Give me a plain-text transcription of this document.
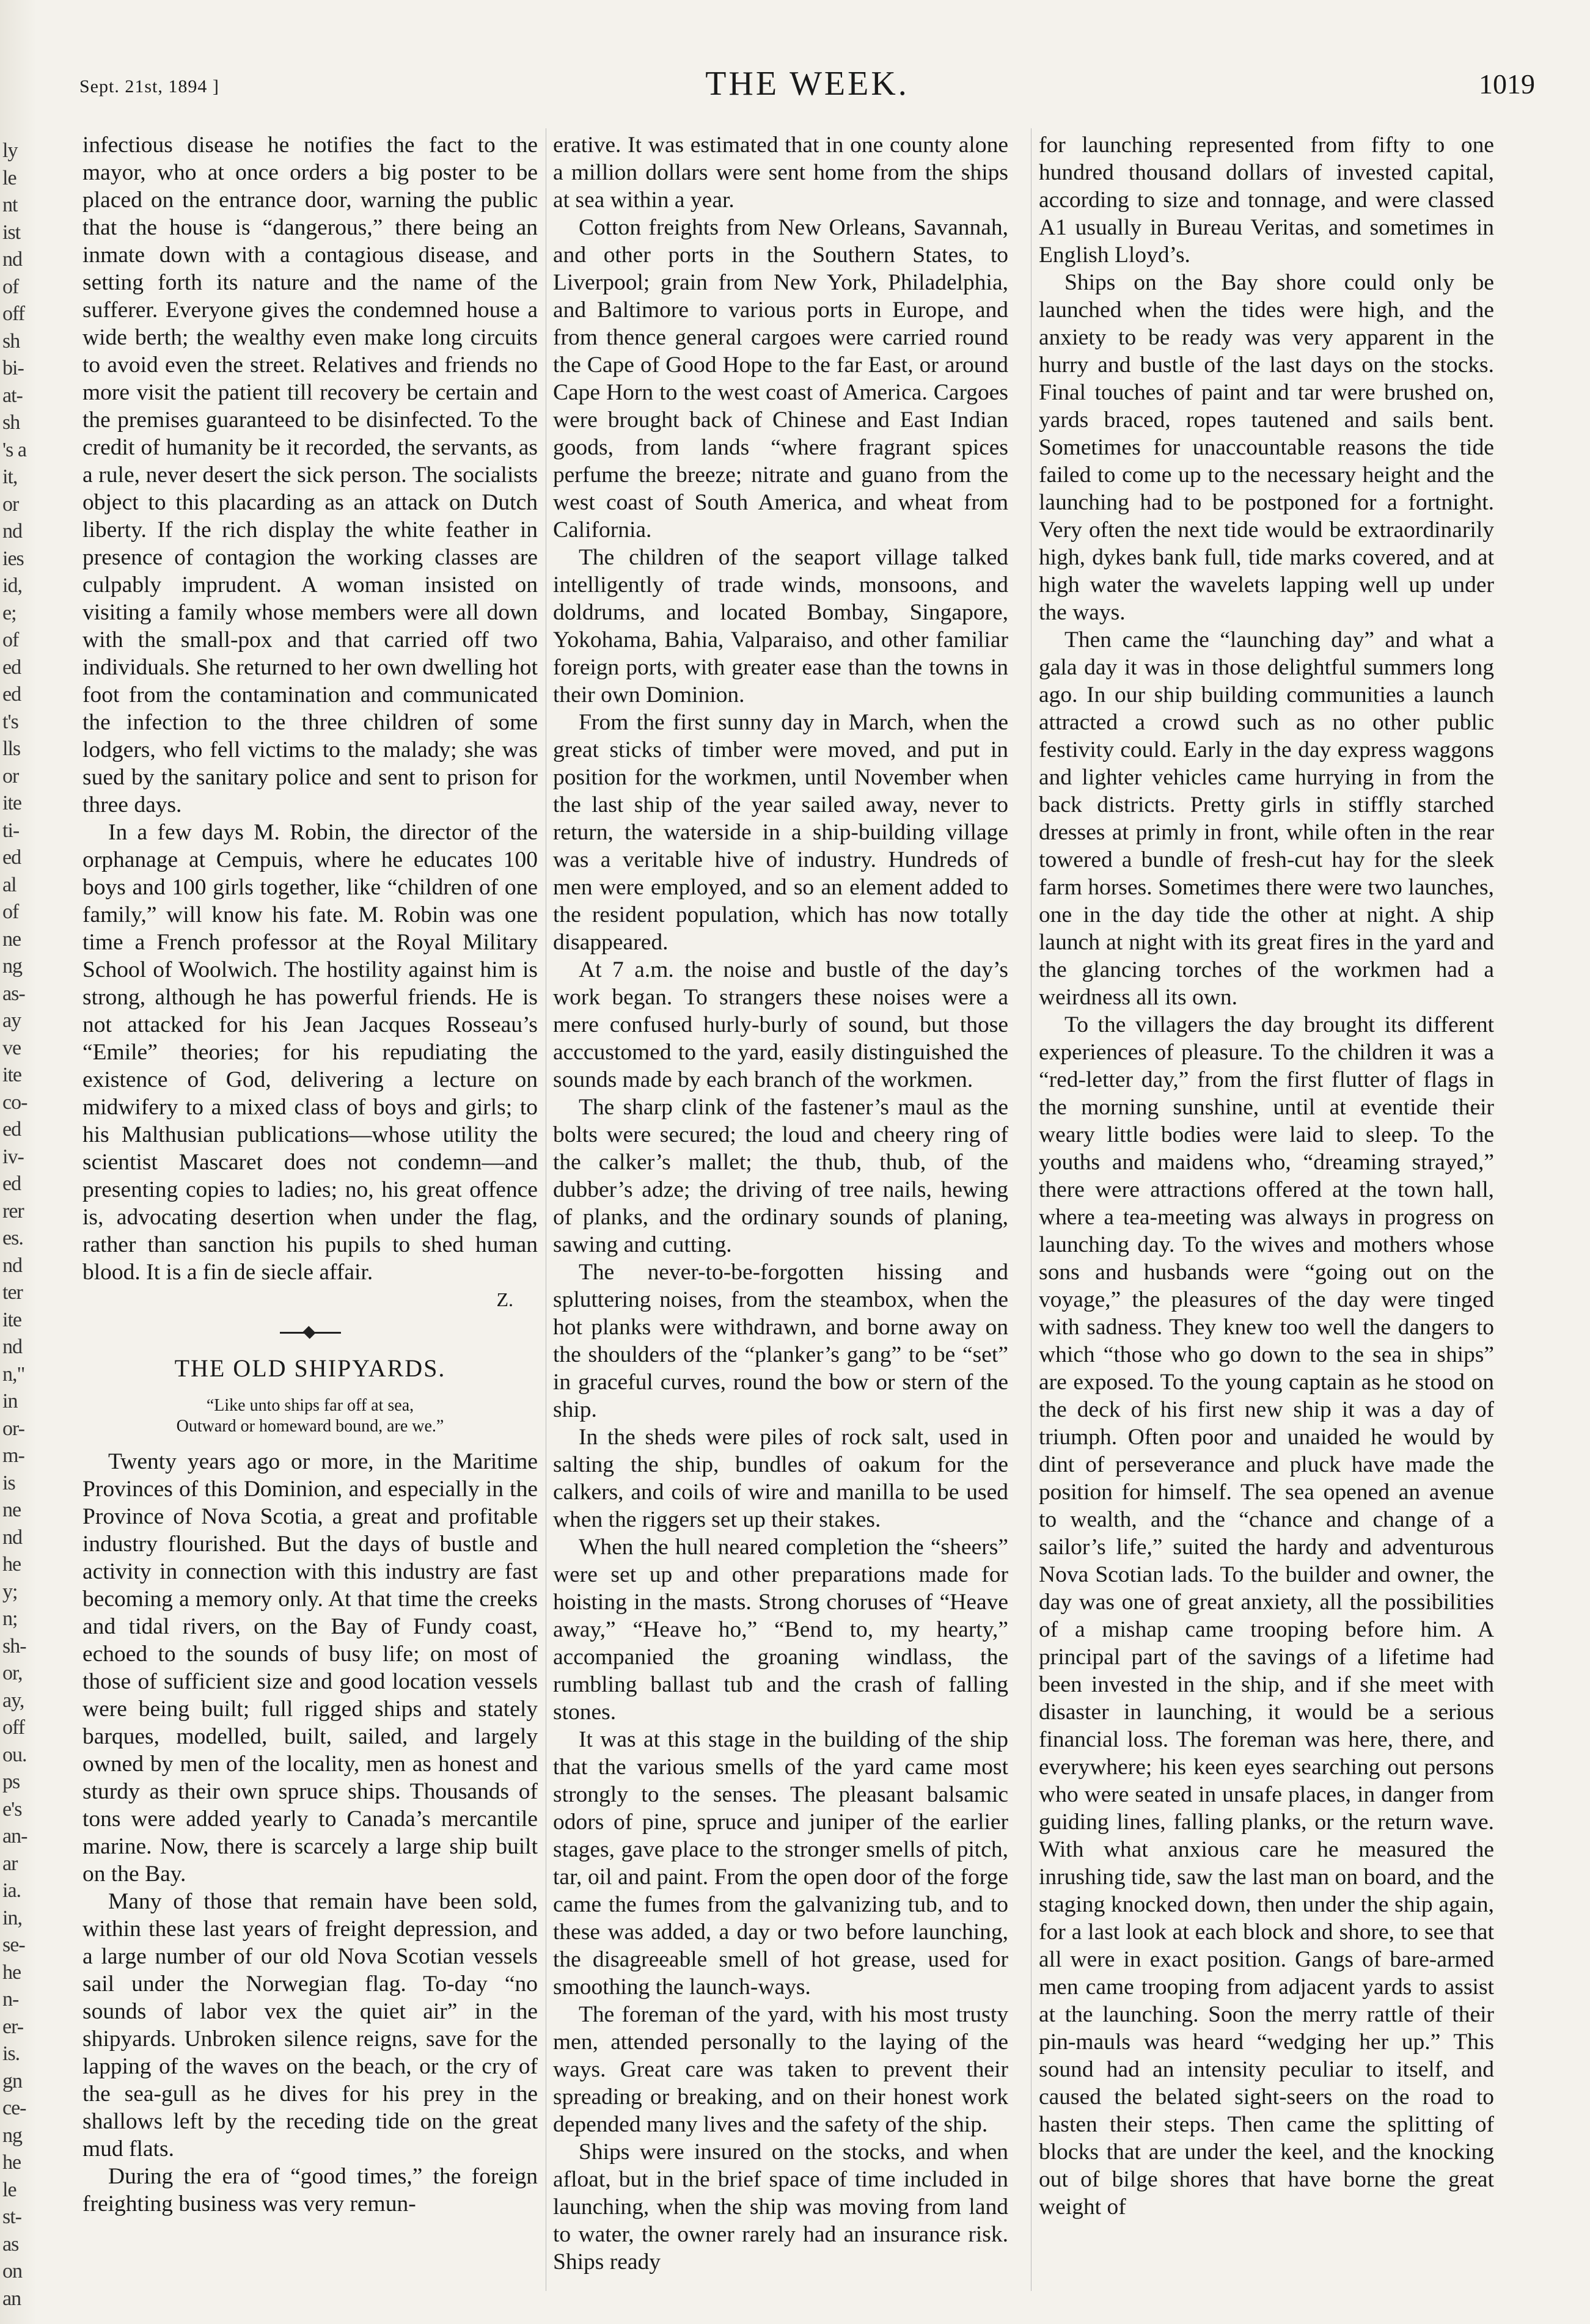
ly
le
nt
ist
nd
of
off
sh
bi-
at-
sh
's a
it,
or
nd
ies
id,
e;
of
ed
ed
t's
lls
or
ite
ti-
ed
al
of
ne
ng
as-
ay
ve
ite
co-
ed
iv-
ed
rer
es.
nd
ter
ite
nd
n,"
in
or-
m-
is
ne
nd
he
y;
n;
sh-
or,
ay,
off
ou.
ps
e's
an-
ar
ia.
in,
se-
he
n-
er-
is.
gn
ce-
ng
he
le
st-
as
on
an
Sept. 21st, 1894 ]	THE WEEK.	1019

infectious disease he notifies the fact to the mayor, who at once orders a big poster to be placed on the entrance door, warning the public that the house is “dangerous,” there being an inmate down with a contagious disease, and setting forth its nature and the name of the sufferer. Everyone gives the condemned house a wide berth; the wealthy even make long circuits to avoid even the street. Relatives and friends no more visit the patient till recovery be certain and the premises guaranteed to be disinfected. To the credit of humanity be it recorded, the servants, as a rule, never desert the sick person. The socialists object to this placarding as an attack on Dutch liberty. If the rich display the white feather in presence of contagion the working classes are culpably imprudent. A woman insisted on visiting a family whose members were all down with the small-pox and that carried off two individuals. She returned to her own dwelling hot foot from the contamination and communicated the infection to the three children of some lodgers, who fell victims to the malady; she was sued by the sanitary police and sent to prison for three days.

In a few days M. Robin, the director of the orphanage at Cempuis, where he educates 100 boys and 100 girls together, like “children of one family,” will know his fate. M. Robin was one time a French professor at the Royal Military School of Woolwich. The hostility against him is strong, although he has powerful friends. He is not attacked for his Jean Jacques Rosseau’s “Emile” theories; for his repudiating the existence of God, delivering a lecture on midwifery to a mixed class of boys and girls; to his Malthusian publications—whose utility the scientist Mascaret does not condemn—and presenting copies to ladies; no, his great offence is, advocating desertion when under the flag, rather than sanction his pupils to shed human blood. It is a fin de siecle affair.

Z.

THE OLD SHIPYARDS.
“Like unto ships far off at sea,
Outward or homeward bound, are we.”

Twenty years ago or more, in the Maritime Provinces of this Dominion, and especially in the Province of Nova Scotia, a great and profitable industry flourished. But the days of bustle and activity in connection with this industry are fast becoming a memory only. At that time the creeks and tidal rivers, on the Bay of Fundy coast, echoed to the sounds of busy life; on most of those of sufficient size and good location vessels were being built; full rigged ships and stately barques, modelled, built, sailed, and largely owned by men of the locality, men as honest and sturdy as their own spruce ships. Thousands of tons were added yearly to Canada’s mercantile marine. Now, there is scarcely a large ship built on the Bay.

Many of those that remain have been sold, within these last years of freight depression, and a large number of our old Nova Scotian vessels sail under the Norwegian flag. To-day “no sounds of labor vex the quiet air” in the shipyards. Unbroken silence reigns, save for the lapping of the waves on the beach, or the cry of the sea-gull as he dives for his prey in the shallows left by the receding tide on the great mud flats.

During the era of “good times,” the foreign freighting business was very remun-

erative. It was estimated that in one county alone a million dollars were sent home from the ships at sea within a year.

Cotton freights from New Orleans, Savannah, and other ports in the Southern States, to Liverpool; grain from New York, Philadelphia, and Baltimore to various ports in Europe, and from thence general cargoes were carried round the Cape of Good Hope to the far East, or around Cape Horn to the west coast of America. Cargoes were brought back of Chinese and East Indian goods, from lands “where fragrant spices perfume the breeze; nitrate and guano from the west coast of South America, and wheat from California.

The children of the seaport village talked intelligently of trade winds, monsoons, and doldrums, and located Bombay, Singapore, Yokohama, Bahia, Valparaiso, and other familiar foreign ports, with greater ease than the towns in their own Dominion.

From the first sunny day in March, when the great sticks of timber were moved, and put in position for the workmen, until November when the last ship of the year sailed away, never to return, the waterside in a ship-building village was a veritable hive of industry. Hundreds of men were employed, and so an element added to the resident population, which has now totally disappeared.

At 7 a.m. the noise and bustle of the day’s work began. To strangers these noises were a mere confused hurly-burly of sound, but those acccustomed to the yard, easily distinguished the sounds made by each branch of the workmen.

The sharp clink of the fastener’s maul as the bolts were secured; the loud and cheery ring of the calker’s mallet; the thub, thub, of the dubber’s adze; the driving of tree nails, hewing of planks, and the ordinary sounds of planing, sawing and cutting.

The never-to-be-forgotten hissing and spluttering noises, from the steambox, when the hot planks were withdrawn, and borne away on the shoulders of the “planker’s gang” to be “set” in graceful curves, round the bow or stern of the ship.

In the sheds were piles of rock salt, used in salting the ship, bundles of oakum for the calkers, and coils of wire and manilla to be used when the riggers set up their stakes.

When the hull neared completion the “sheers” were set up and other preparations made for hoisting in the masts. Strong choruses of “Heave away,” “Heave ho,” “Bend to, my hearty,” accompanied the groaning windlass, the rumbling ballast tub and the crash of falling stones.

It was at this stage in the building of the ship that the various smells of the yard came most strongly to the senses. The pleasant balsamic odors of pine, spruce and juniper of the earlier stages, gave place to the stronger smells of pitch, tar, oil and paint. From the open door of the forge came the fumes from the galvanizing tub, and to these was added, a day or two before launching, the disagreeable smell of hot grease, used for smoothing the launch-ways.

The foreman of the yard, with his most trusty men, attended personally to the laying of the ways. Great care was taken to prevent their spreading or breaking, and on their honest work depended many lives and the safety of the ship.

Ships were insured on the stocks, and when afloat, but in the brief space of time included in launching, when the ship was moving from land to water, the owner rarely had an insurance risk. Ships ready

for launching represented from fifty to one hundred thousand dollars of invested capital, according to size and tonnage, and were classed A1 usually in Bureau Veritas, and sometimes in English Lloyd’s.

Ships on the Bay shore could only be launched when the tides were high, and the anxiety to be ready was very apparent in the hurry and bustle of the last days on the stocks. Final touches of paint and tar were brushed on, yards braced, ropes tautened and sails bent. Sometimes for unaccountable reasons the tide failed to come up to the necessary height and the launching had to be postponed for a fortnight. Very often the next tide would be extraordinarily high, dykes bank full, tide marks covered, and at high water the wavelets lapping well up under the ways.

Then came the “launching day” and what a gala day it was in those delightful summers long ago. In our ship building communities a launch attracted a crowd such as no other public festivity could. Early in the day express waggons and lighter vehicles came hurrying in from the back districts. Pretty girls in stiffly starched dresses at primly in front, while often in the rear towered a bundle of fresh-cut hay for the sleek farm horses. Sometimes there were two launches, one in the day tide the other at night. A ship launch at night with its great fires in the yard and the glancing torches of the workmen had a weirdness all its own.

To the villagers the day brought its different experiences of pleasure. To the children it was a “red-letter day,” from the first flutter of flags in the morning sunshine, until at eventide their weary little bodies were laid to sleep. To the youths and maidens who, “dreaming strayed,” there were attractions offered at the town hall, where a tea-meeting was always in progress on launching day. To the wives and mothers whose sons and husbands were “going out on the voyage,” the pleasures of the day were tinged with sadness. They knew too well the dangers to which “those who go down to the sea in ships” are exposed. To the young captain as he stood on the deck of his first new ship it was a day of triumph. Often poor and unaided he would by dint of perseverance and pluck have made the position for himself. The sea opened an avenue to wealth, and the “chance and change of a sailor’s life,” suited the hardy and adventurous Nova Scotian lads. To the builder and owner, the day was one of great anxiety, all the possibilities of a mishap came trooping before him. A principal part of the savings of a lifetime had been invested in the ship, and if she meet with disaster in launching, it would be a serious financial loss. The foreman was here, there, and everywhere; his keen eyes searching out persons who were seated in unsafe places, in danger from guiding lines, falling planks, or the return wave. With what anxious care he measured the inrushing tide, saw the last man on board, and the staging knocked down, then under the ship again, for a last look at each block and shore, to see that all were in exact position. Gangs of bare-armed men came trooping from adjacent yards to assist at the launching. Soon the merry rattle of their pin-mauls was heard “wedging her up.” This sound had an intensity peculiar to itself, and caused the belated sight-seers on the road to hasten their steps. Then came the splitting of blocks that are under the keel, and the knocking out of bilge shores that have borne the great weight of
